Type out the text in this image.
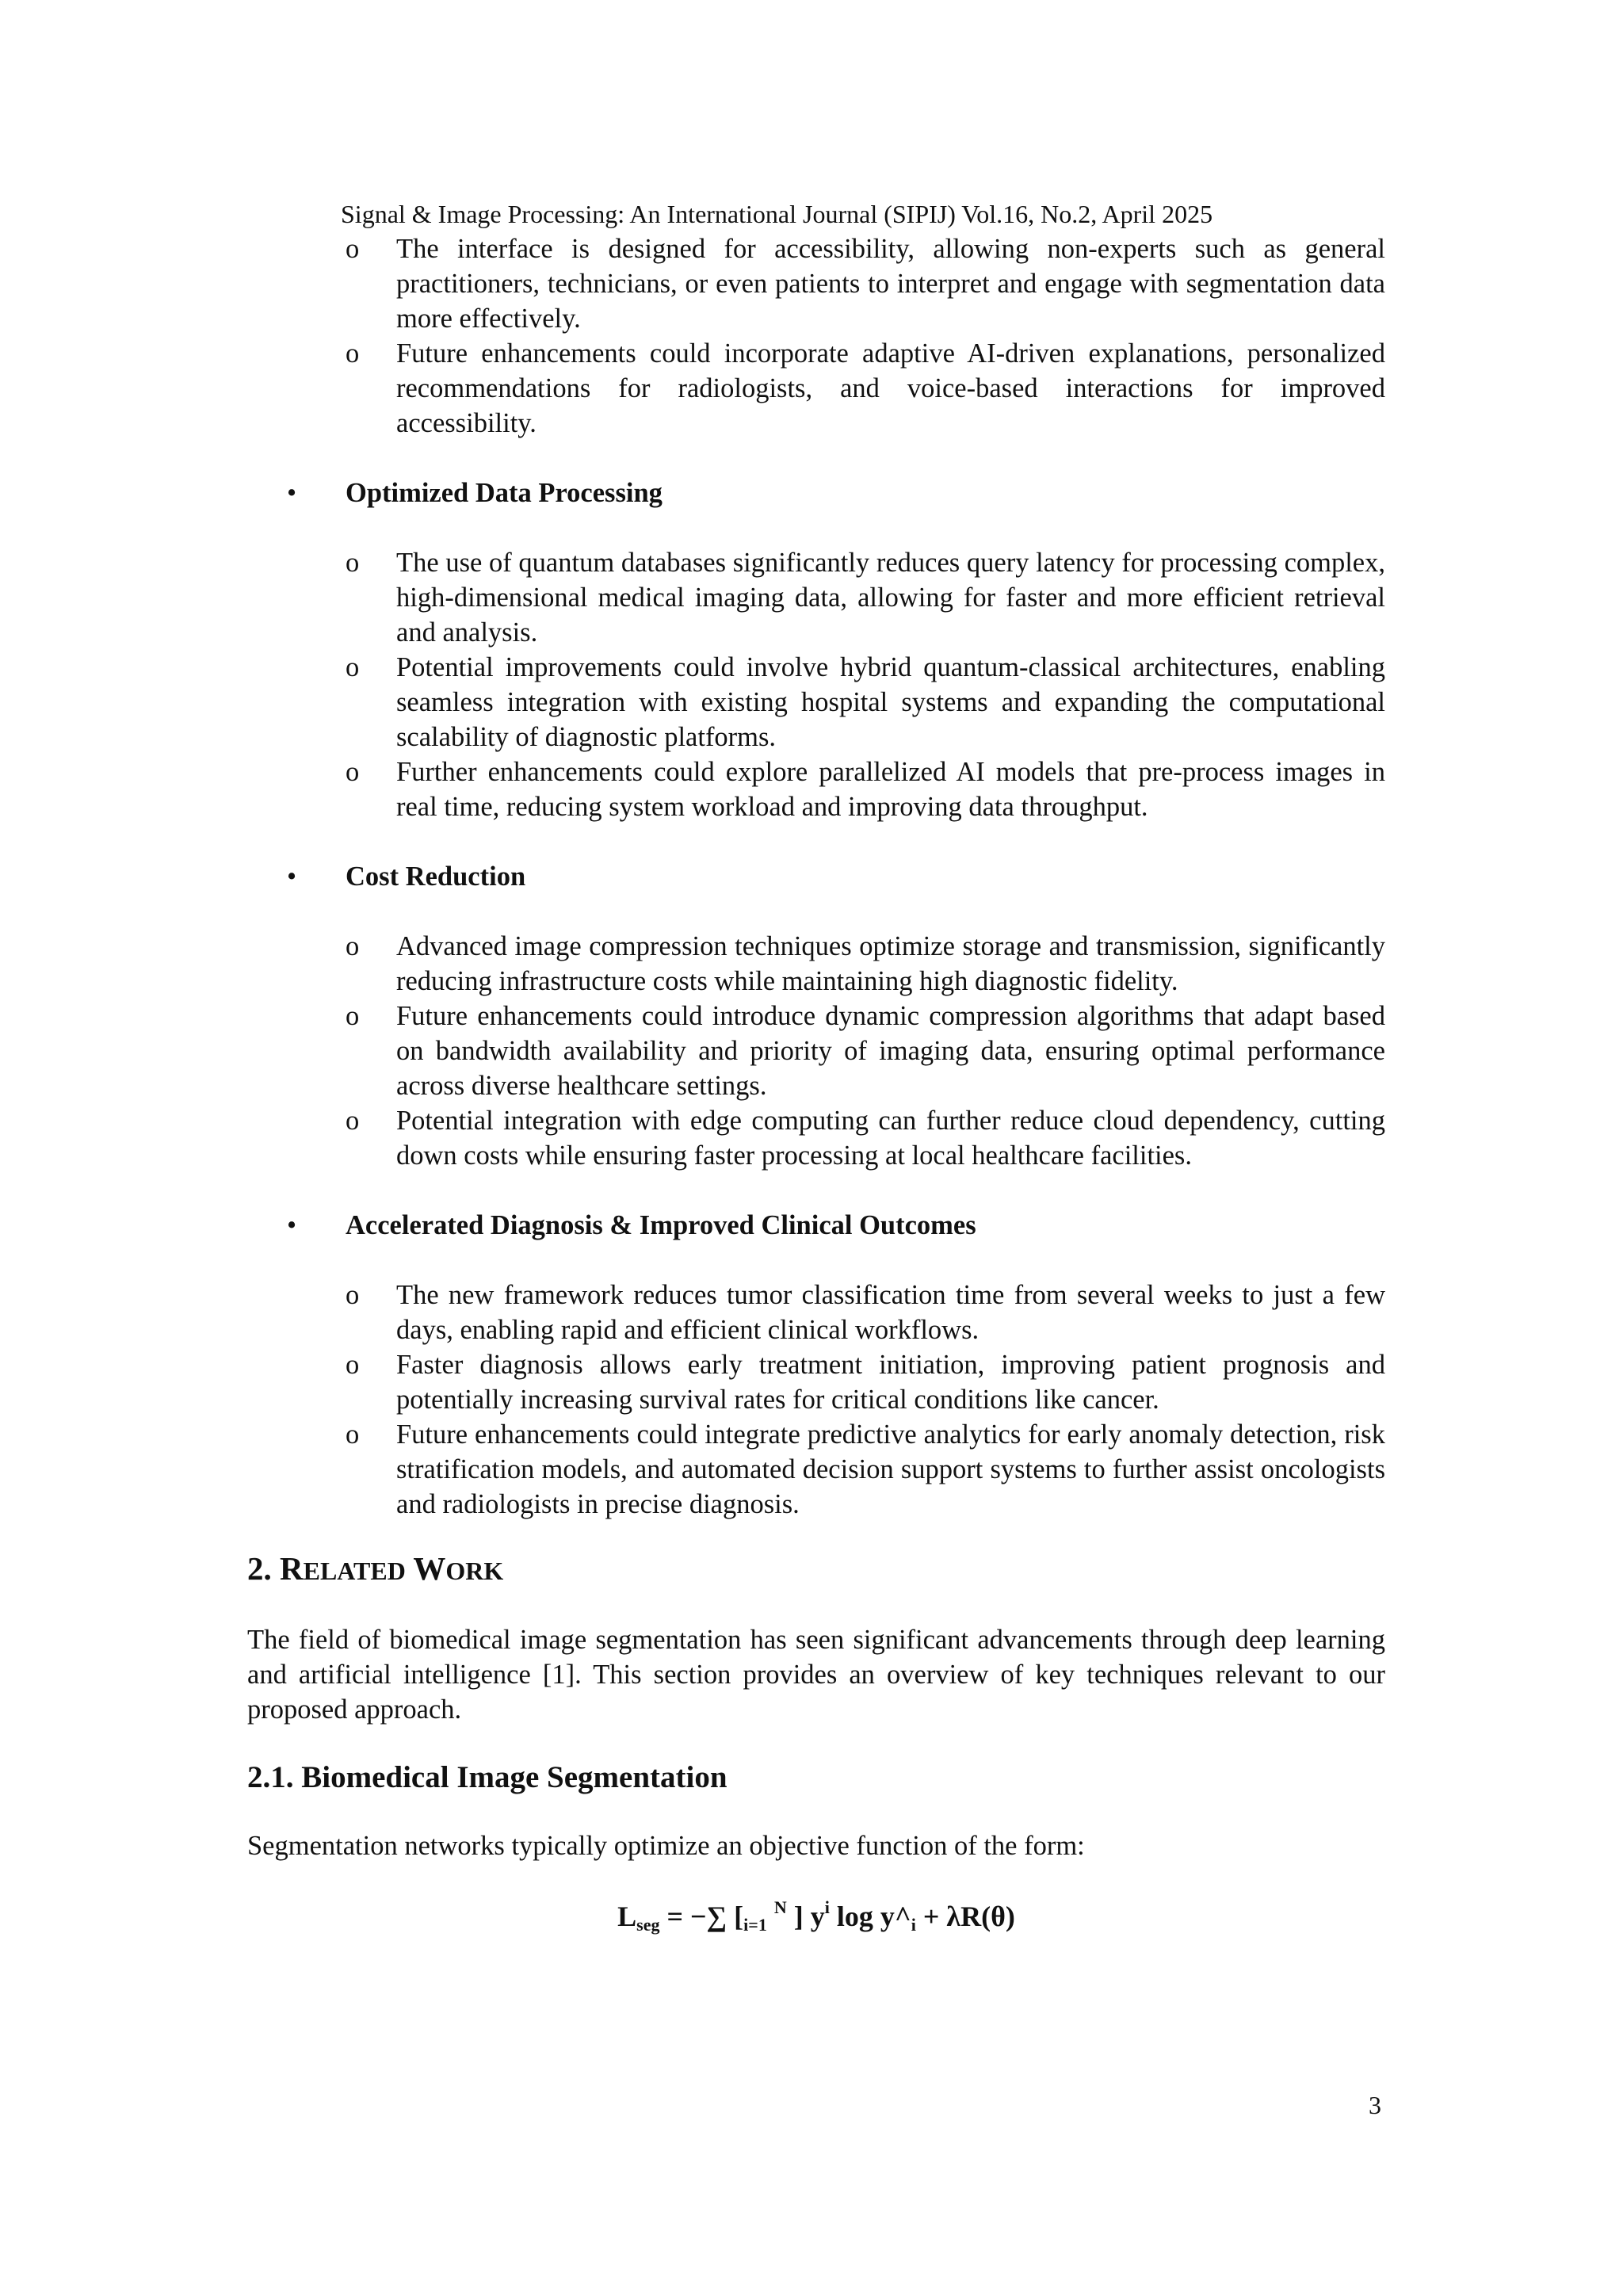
Signal & Image Processing: An International Journal (SIPIJ) Vol.16, No.2, April 2025
o The interface is designed for accessibility, allowing non-experts such as general practitioners, technicians, or even patients to interpret and engage with segmentation data more effectively.
o Future enhancements could incorporate adaptive AI-driven explanations, personalized recommendations for radiologists, and voice-based interactions for improved accessibility.
• Optimized Data Processing
o The use of quantum databases significantly reduces query latency for processing complex, high-dimensional medical imaging data, allowing for faster and more efficient retrieval and analysis.
o Potential improvements could involve hybrid quantum-classical architectures, enabling seamless integration with existing hospital systems and expanding the computational scalability of diagnostic platforms.
o Further enhancements could explore parallelized AI models that pre-process images in real time, reducing system workload and improving data throughput.
• Cost Reduction
o Advanced image compression techniques optimize storage and transmission, significantly reducing infrastructure costs while maintaining high diagnostic fidelity.
o Future enhancements could introduce dynamic compression algorithms that adapt based on bandwidth availability and priority of imaging data, ensuring optimal performance across diverse healthcare settings.
o Potential integration with edge computing can further reduce cloud dependency, cutting down costs while ensuring faster processing at local healthcare facilities.
• Accelerated Diagnosis & Improved Clinical Outcomes
o The new framework reduces tumor classification time from several weeks to just a few days, enabling rapid and efficient clinical workflows.
o Faster diagnosis allows early treatment initiation, improving patient prognosis and potentially increasing survival rates for critical conditions like cancer.
o Future enhancements could integrate predictive analytics for early anomaly detection, risk stratification models, and automated decision support systems to further assist oncologists and radiologists in precise diagnosis.
2. RELATED WORK
The field of biomedical image segmentation has seen significant advancements through deep learning and artificial intelligence [1]. This section provides an overview of key techniques relevant to our proposed approach.
2.1. Biomedical Image Segmentation
Segmentation networks typically optimize an objective function of the form:
Lseg = −∑ [i=1 $^N$ ] $y^i$ log y^i + λR(θ)
3
